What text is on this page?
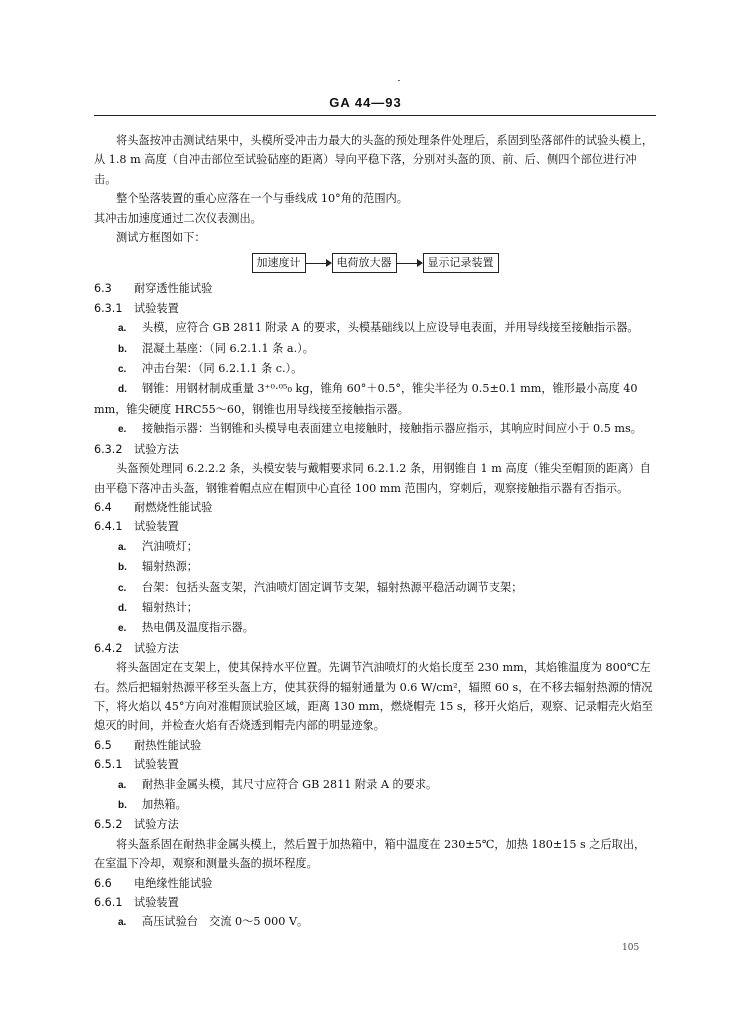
GA 44—93

将头盔按冲击测试结果中，头模所受冲击力最大的头盔的预处理条件处理后，系固到坠落部件的试验头模上，从 1.8 m 高度（自冲击部位至试验砧座的距离）导向平稳下落，分别对头盔的顶、前、后、侧四个部位进行冲击。

整个坠落装置的重心应落在一个与垂线成 10°角的范围内。

其冲击加速度通过二次仪表测出。

测试方框图如下：

加速度计	电荷放大器	显示记录装置

6.3 耐穿透性能试验

6.3.1 试验装置

a. 头模，应符合 GB 2811 附录 A 的要求，头模基础线以上应设导电表面，并用导线接至接触指示器。

b. 混凝土基座：（同 6.2.1.1 条 a.）。

c. 冲击台架：（同 6.2.1.1 条 c.）。

d. 钢锥：用钢材制成重量 3⁺⁰·⁰⁵₀ kg，锥角 60°＋0.5°，锥尖半径为 0.5±0.1 mm，锥形最小高度 40 mm，锥尖硬度 HRC55～60，钢锥也用导线接至接触指示器。

e. 接触指示器：当钢锥和头模导电表面建立电接触时，接触指示器应指示，其响应时间应小于 0.5 ms。

6.3.2 试验方法

头盔预处理同 6.2.2.2 条，头模安装与戴帽要求同 6.2.1.2 条，用钢锥自 1 m 高度（锥尖至帽顶的距离）自由平稳下落冲击头盔，钢锥着帽点应在帽顶中心直径 100 mm 范围内，穿刺后，观察接触指示器有否指示。

6.4 耐燃烧性能试验

6.4.1 试验装置

a. 汽油喷灯；

b. 辐射热源；

c. 台架：包括头盔支架，汽油喷灯固定调节支架，辐射热源平稳活动调节支架；

d. 辐射热计；

e. 热电偶及温度指示器。

6.4.2 试验方法

将头盔固定在支架上，使其保持水平位置。先调节汽油喷灯的火焰长度至 230 mm，其焰锥温度为 800℃左右。然后把辐射热源平移至头盔上方，使其获得的辐射通量为 0.6 W/cm²，辐照 60 s，在不移去辐射热源的情况下，将火焰以 45°方向对准帽顶试验区域，距离 130 mm，燃烧帽壳 15 s，移开火焰后，观察、记录帽壳火焰至熄灭的时间，并检查火焰有否烧透到帽壳内部的明显迹象。

6.5 耐热性能试验

6.5.1 试验装置

a. 耐热非金属头模，其尺寸应符合 GB 2811 附录 A 的要求。

b. 加热箱。

6.5.2 试验方法

将头盔系固在耐热非金属头模上，然后置于加热箱中，箱中温度在 230±5℃，加热 180±15 s 之后取出，在室温下冷却，观察和测量头盔的损坏程度。

6.6 电绝缘性能试验

6.6.1 试验装置

a. 高压试验台　交流 0～5 000 V。

105
